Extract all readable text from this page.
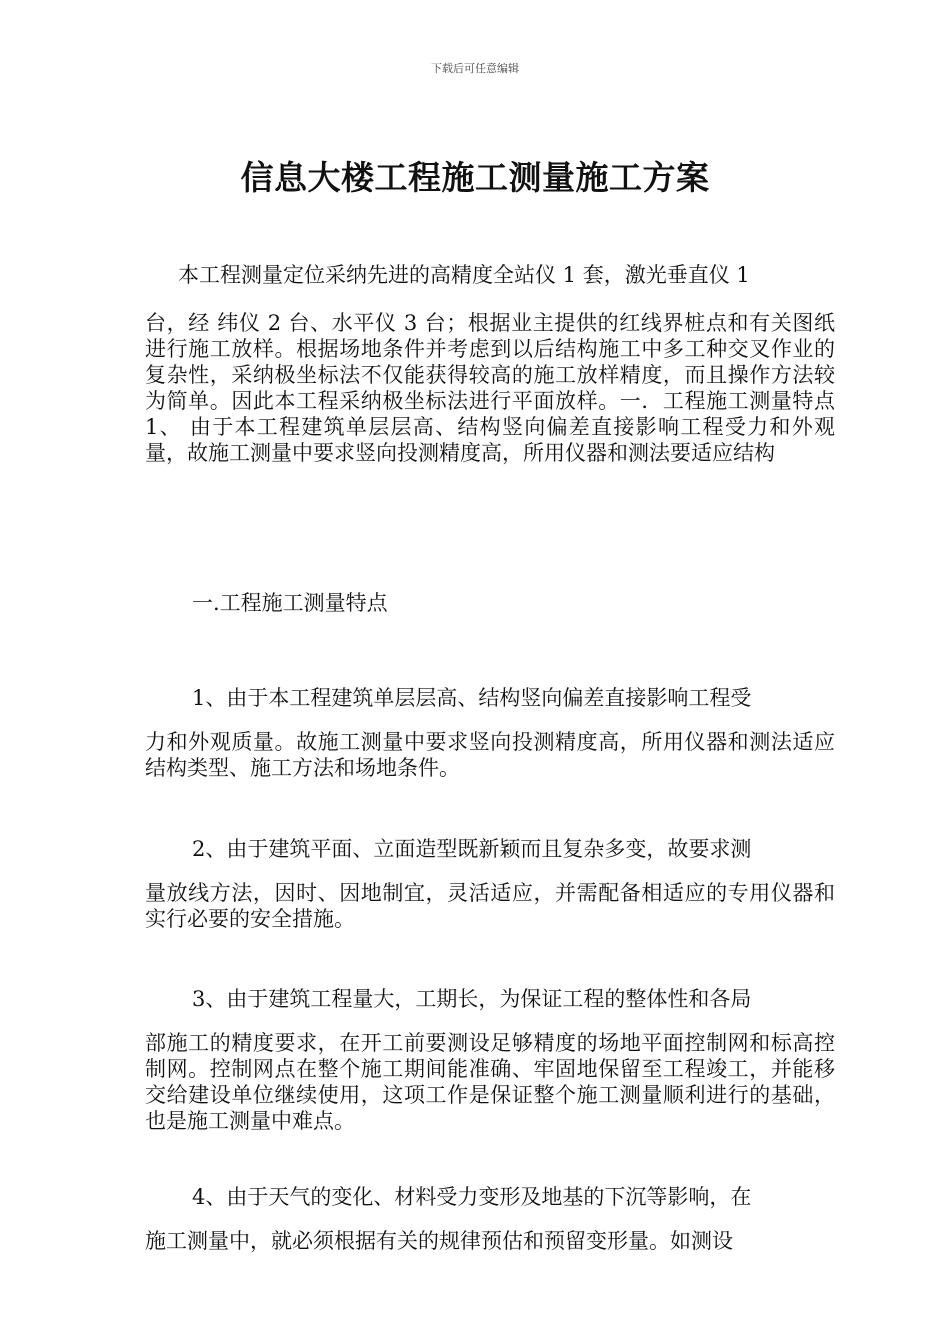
下载后可任意编辑
信息大楼工程施工测量施工方案
本工程测量定位采纳先进的高精度全站仪 1 套，激光垂直仪 1
台，经 纬仪 2 台、水平仪 3 台；根据业主提供的红线界桩点和有关图纸进行施工放样。根据场地条件并考虑到以后结构施工中多工种交叉作业的复杂性，采纳极坐标法不仅能获得较高的施工放样精度，而且操作方法较为简单。因此本工程采纳极坐标法进行平面放样。一．工程施工测量特点 1、 由于本工程建筑单层层高、结构竖向偏差直接影响工程受力和外观量，故施工测量中要求竖向投测精度高，所用仪器和测法要适应结构
一.工程施工测量特点
1、由于本工程建筑单层层高、结构竖向偏差直接影响工程受
力和外观质量。故施工测量中要求竖向投测精度高，所用仪器和测法适应结构类型、施工方法和场地条件。
2、由于建筑平面、立面造型既新颖而且复杂多变，故要求测
量放线方法，因时、因地制宜，灵活适应，并需配备相适应的专用仪器和实行必要的安全措施。
3、由于建筑工程量大，工期长，为保证工程的整体性和各局
部施工的精度要求，在开工前要测设足够精度的场地平面控制网和标高控制网。控制网点在整个施工期间能准确、牢固地保留至工程竣工，并能移交给建设单位继续使用，这项工作是保证整个施工测量顺利进行的基础，也是施工测量中难点。
4、由于天气的变化、材料受力变形及地基的下沉等影响，在
施工测量中，就必须根据有关的规律预估和预留变形量。如测设
